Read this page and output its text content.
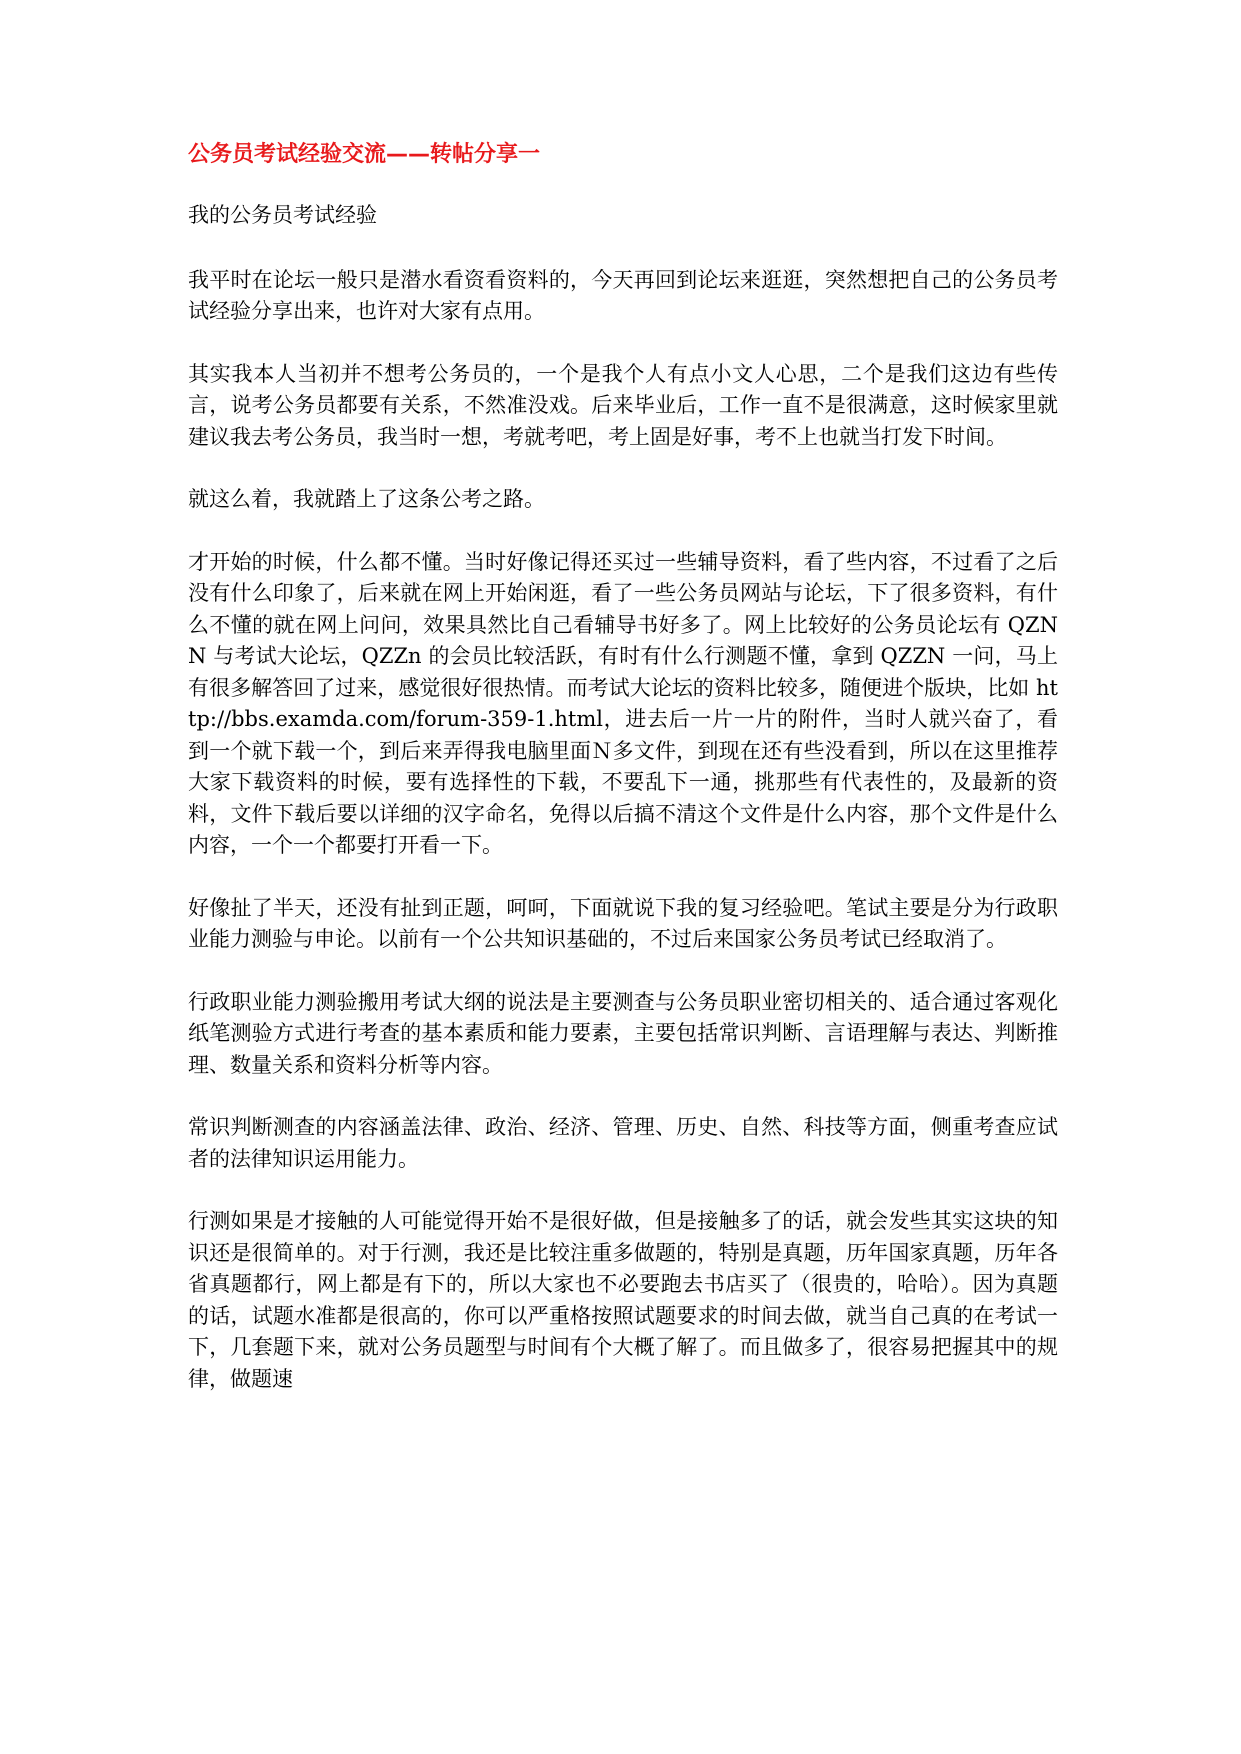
公务员考试经验交流——转帖分享一
我的公务员考试经验
我平时在论坛一般只是潜水看资看资料的，今天再回到论坛来逛逛，突然想把自己的公务员考试经验分享出来，也许对大家有点用。
其实我本人当初并不想考公务员的，一个是我个人有点小文人心思，二个是我们这边有些传言，说考公务员都要有关系，不然准没戏。后来毕业后，工作一直不是很满意，这时候家里就建议我去考公务员，我当时一想，考就考吧，考上固是好事，考不上也就当打发下时间。
就这么着，我就踏上了这条公考之路。
才开始的时候，什么都不懂。当时好像记得还买过一些辅导资料，看了些内容，不过看了之后没有什么印象了，后来就在网上开始闲逛，看了一些公务员网站与论坛，下了很多资料，有什么不懂的就在网上问问，效果具然比自己看辅导书好多了。网上比较好的公务员论坛有 QZNN 与考试大论坛，QZZn 的会员比较活跃，有时有什么行测题不懂，拿到 QZZN 一问，马上有很多解答回了过来，感觉很好很热情。而考试大论坛的资料比较多，随便进个版块，比如 http://bbs.examda.com/forum-359-1.html，进去后一片一片的附件，当时人就兴奋了，看到一个就下载一个，到后来弄得我电脑里面Ｎ多文件，到现在还有些没看到，所以在这里推荐大家下载资料的时候，要有选择性的下载，不要乱下一通，挑那些有代表性的，及最新的资料，文件下载后要以详细的汉字命名，免得以后搞不清这个文件是什么内容，那个文件是什么内容，一个一个都要打开看一下。
好像扯了半天，还没有扯到正题，呵呵，下面就说下我的复习经验吧。笔试主要是分为行政职业能力测验与申论。以前有一个公共知识基础的，不过后来国家公务员考试已经取消了。
行政职业能力测验搬用考试大纲的说法是主要测查与公务员职业密切相关的、适合通过客观化纸笔测验方式进行考查的基本素质和能力要素，主要包括常识判断、言语理解与表达、判断推理、数量关系和资料分析等内容。
常识判断测查的内容涵盖法律、政治、经济、管理、历史、自然、科技等方面，侧重考查应试者的法律知识运用能力。
行测如果是才接触的人可能觉得开始不是很好做，但是接触多了的话，就会发些其实这块的知识还是很简单的。对于行测，我还是比较注重多做题的，特别是真题，历年国家真题，历年各省真题都行，网上都是有下的，所以大家也不必要跑去书店买了（很贵的，哈哈）。因为真题的话，试题水准都是很高的，你可以严重格按照试题要求的时间去做，就当自己真的在考试一下，几套题下来，就对公务员题型与时间有个大概了解了。而且做多了，很容易把握其中的规律，做题速
